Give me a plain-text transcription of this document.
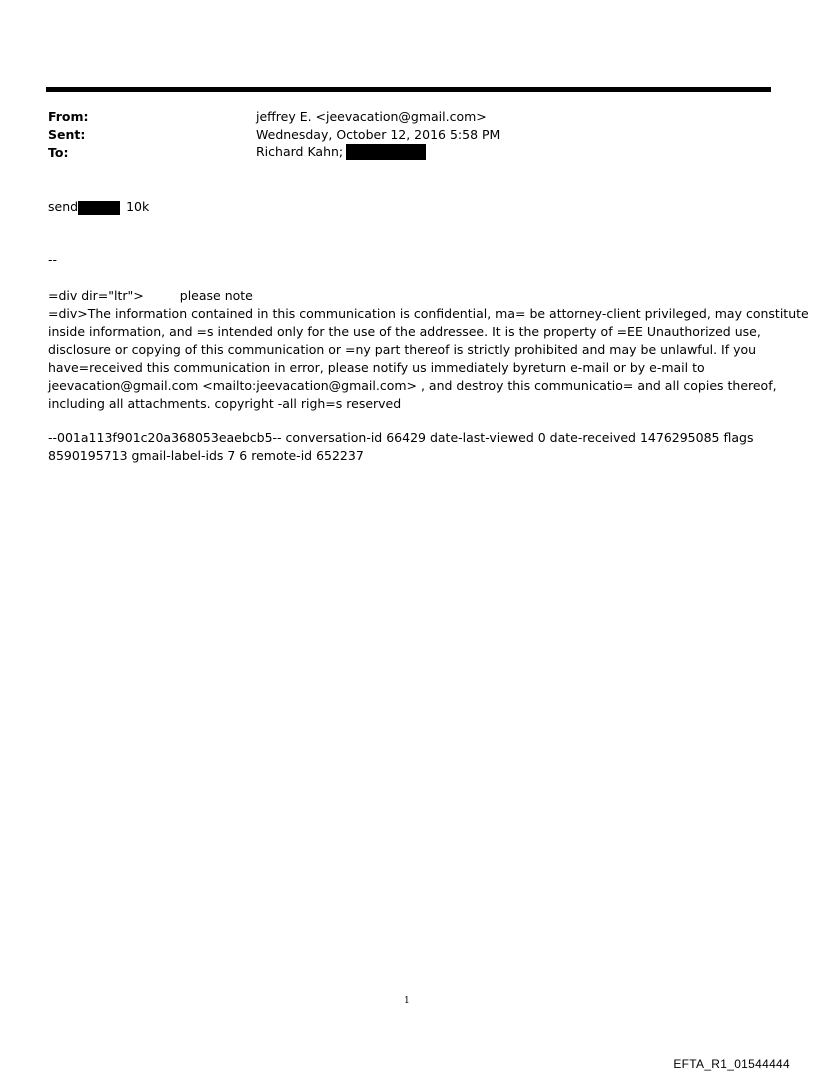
From:	jeffrey E. <jeevacation@gmail.com>
Sent:	Wednesday, October 12, 2016 5:58 PM
To:	Richard Kahn;
send	10k
--
=div dir="ltr">	please note
=div>The information contained in this communication is confidential, ma= be attorney-client privileged, may constitute
inside information, and =s intended only for the use of the addressee. It is the property of =EE Unauthorized use,
disclosure or copying of this communication or =ny part thereof is strictly prohibited and may be unlawful. If you
have=received this communication in error, please notify us immediately byreturn e-mail or by e-mail to
jeevacation@gmail.com <mailto:jeevacation@gmail.com> , and destroy this communicatio= and all copies thereof,
including all attachments. copyright -all righ=s reserved
--001a113f901c20a368053eaebcb5-- conversation-id 66429 date-last-viewed 0 date-received 1476295085 flags
8590195713 gmail-label-ids 7 6 remote-id 652237
1
EFTA_R1_01544444
